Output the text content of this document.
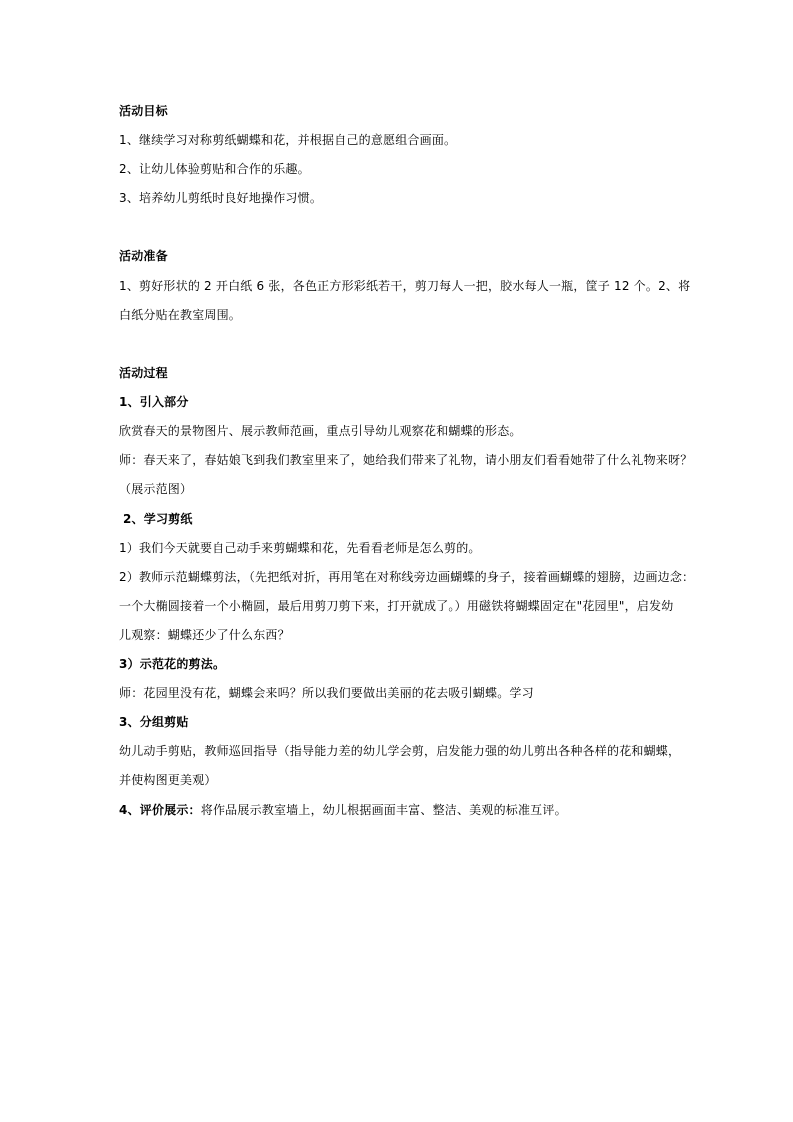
活动目标
1、继续学习对称剪纸蝴蝶和花，并根据自己的意愿组合画面。
2、让幼儿体验剪贴和合作的乐趣。
3、培养幼儿剪纸时良好地操作习惯。
活动准备
1、剪好形状的 2 开白纸 6 张，各色正方形彩纸若干，剪刀每人一把，胶水每人一瓶，筐子 12 个。2、将
白纸分贴在教室周围。
活动过程
1、引入部分
欣赏春天的景物图片、展示教师范画，重点引导幼儿观察花和蝴蝶的形态。
师：春天来了，春姑娘飞到我们教室里来了，她给我们带来了礼物，请小朋友们看看她带了什么礼物来呀？
（展示范图）
2、学习剪纸
1）我们今天就要自己动手来剪蝴蝶和花，先看看老师是怎么剪的。
2）教师示范蝴蝶剪法，（先把纸对折，再用笔在对称线旁边画蝴蝶的身子，接着画蝴蝶的翅膀，边画边念：
一个大椭圆接着一个小椭圆，最后用剪刀剪下来，打开就成了。）用磁铁将蝴蝶固定在"花园里"，启发幼
儿观察：蝴蝶还少了什么东西？
3）示范花的剪法。
师：花园里没有花，蝴蝶会来吗？所以我们要做出美丽的花去吸引蝴蝶。学习
3、分组剪贴
幼儿动手剪贴，教师巡回指导（指导能力差的幼儿学会剪，启发能力强的幼儿剪出各种各样的花和蝴蝶，
并使构图更美观）
4、评价展示：将作品展示教室墙上，幼儿根据画面丰富、整洁、美观的标准互评。
